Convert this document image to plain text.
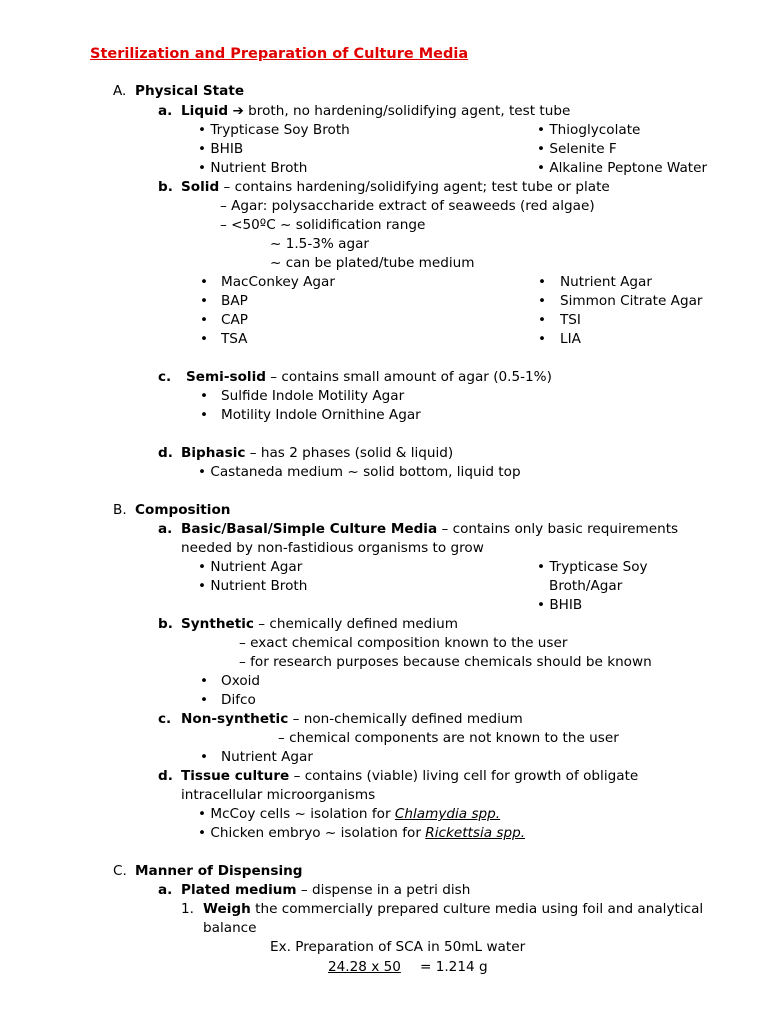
Sterilization and Preparation of Culture Media
A. Physical State
a. Liquid ➔ broth, no hardening/solidifying agent, test tube
• Trypticase Soy Broth
• BHIB
• Nutrient Broth
• Thioglycolate
• Selenite F
• Alkaline Peptone Water
b. Solid – contains hardening/solidifying agent; test tube or plate
– Agar: polysaccharide extract of seaweeds (red algae)
– <50ºC ~ solidification range
~ 1.5-3% agar
~ can be plated/tube medium
• MacConkey Agar
• BAP
• CAP
• TSA
• Nutrient Agar
• Simmon Citrate Agar
• TSI
• LIA
c. Semi-solid – contains small amount of agar (0.5-1%)
• Sulfide Indole Motility Agar
• Motility Indole Ornithine Agar
d. Biphasic – has 2 phases (solid & liquid)
• Castaneda medium ~ solid bottom, liquid top
B. Composition
a. Basic/Basal/Simple Culture Media – contains only basic requirements
needed by non-fastidious organisms to grow
• Nutrient Agar
• Nutrient Broth
• Trypticase Soy
Broth/Agar
• BHIB
b. Synthetic – chemically defined medium
– exact chemical composition known to the user
– for research purposes because chemicals should be known
• Oxoid
• Difco
c. Non-synthetic – non-chemically defined medium
– chemical components are not known to the user
• Nutrient Agar
d. Tissue culture – contains (viable) living cell for growth of obligate
intracellular microorganisms
• McCoy cells ~ isolation for Chlamydia spp.
• Chicken embryo ~ isolation for Rickettsia spp.
C. Manner of Dispensing
a. Plated medium – dispense in a petri dish
1. Weigh the commercially prepared culture media using foil and analytical
balance
Ex. Preparation of SCA in 50mL water
24.28 x 50 = 1.214 g
